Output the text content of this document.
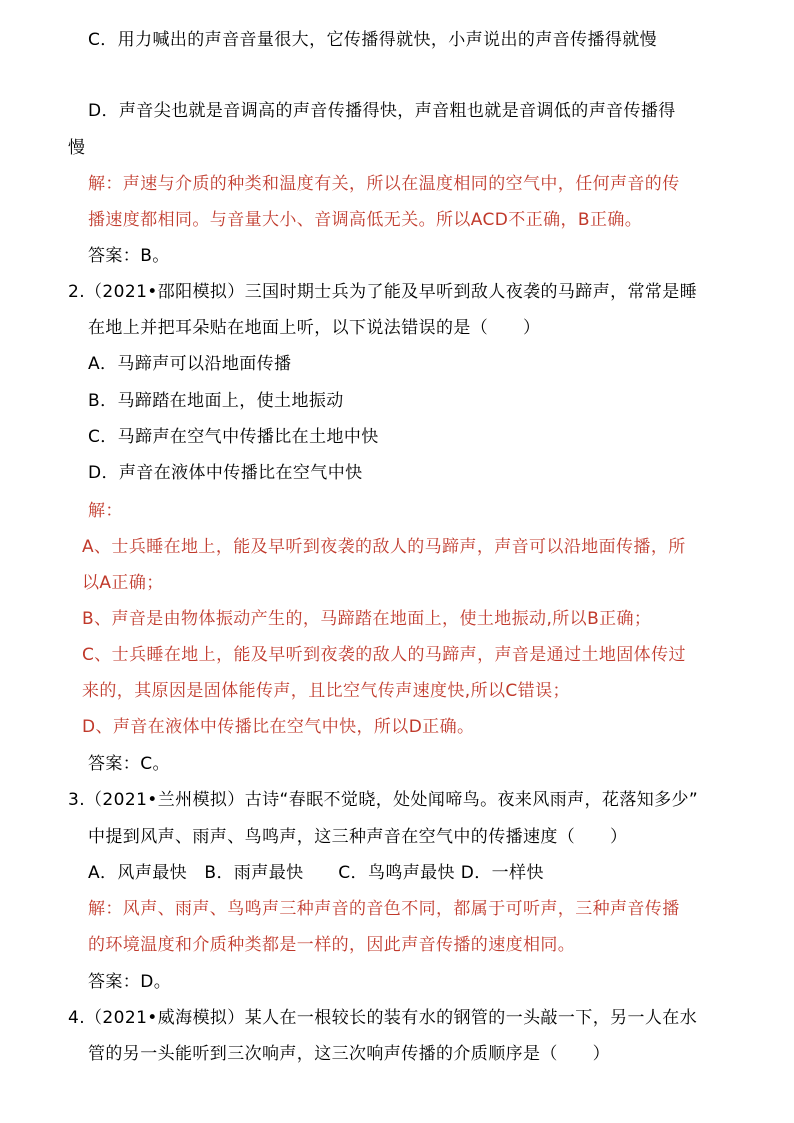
C．用力喊出的声音音量很大，它传播得就快，小声说出的声音传播得就慢
D．声音尖也就是音调高的声音传播得快，声音粗也就是音调低的声音传播得
慢
解：声速与介质的种类和温度有关，所以在温度相同的空气中，任何声音的传
播速度都相同。与音量大小、音调高低无关。所以ACD不正确，B正确。
答案：B。
2.（2021•邵阳模拟）三国时期士兵为了能及早听到敌人夜袭的马蹄声，常常是睡
在地上并把耳朵贴在地面上听，以下说法错误的是（　　）
A．马蹄声可以沿地面传播
B．马蹄踏在地面上，使土地振动
C．马蹄声在空气中传播比在土地中快
D．声音在液体中传播比在空气中快
解：
A、士兵睡在地上，能及早听到夜袭的敌人的马蹄声，声音可以沿地面传播，所
以A正确；
B、声音是由物体振动产生的，马蹄踏在地面上，使土地振动,所以B正确；
C、士兵睡在地上，能及早听到夜袭的敌人的马蹄声，声音是通过土地固体传过
来的，其原因是固体能传声，且比空气传声速度快,所以C错误；
D、声音在液体中传播比在空气中快，所以D正确。
答案：C。
3.（2021•兰州模拟）古诗“春眠不觉晓，处处闻啼鸟。夜来风雨声，花落知多少”
中提到风声、雨声、鸟鸣声，这三种声音在空气中的传播速度（　　）
A．风声最快　B．雨声最快　　C．鸟鸣声最快 D．一样快
解：风声、雨声、鸟鸣声三种声音的音色不同，都属于可听声，三种声音传播
的环境温度和介质种类都是一样的，因此声音传播的速度相同。
答案：D。
4.（2021•威海模拟）某人在一根较长的装有水的钢管的一头敲一下，另一人在水
管的另一头能听到三次响声，这三次响声传播的介质顺序是（　　）
